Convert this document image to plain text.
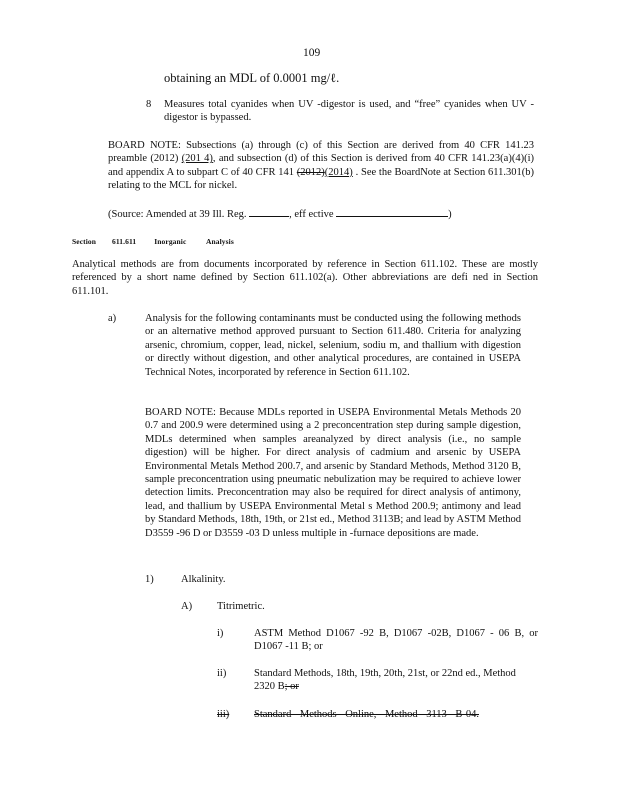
109
obtaining an MDL of 0.0001 mg/ℓ.
8 Measures total cyanides when UV -digestor is used, and “free” cyanides when UV -digestor is bypassed.
BOARD NOTE: Subsections (a) through (c) of this Section are derived from 40 CFR 141.23 preamble (2012) (201 4), and subsection (d) of this Section is derived from 40 CFR 141.23(a)(4)(i) and appendix A to subpart C of 40 CFR 141 (2012)(2014) . See the BoardNote at Section 611.301(b) relating to the MCL for nickel.
(Source: Amended at 39 Ill. Reg.	, eff ective	)
Section 611.611 Inorganic Analysis
Analytical methods are from documents incorporated by reference in Section 611.102. These are mostly referenced by a short name defined by Section 611.102(a). Other abbreviations are defi ned in Section 611.101.
a)	Analysis for the following contaminants must be conducted using the following methods or an alternative method approved pursuant to Section 611.480. Criteria for analyzing arsenic, chromium, copper, lead, nickel, selenium, sodiu m, and thallium with digestion or directly without digestion, and other analytical procedures, are contained in USEPA Technical Notes, incorporated by reference in Section 611.102.
BOARD NOTE: Because MDLs reported in USEPA Environmental Metals Methods 20 0.7 and 200.9 were determined using a 2 preconcentration step during sample digestion, MDLs determined when samples areanalyzed by direct analysis (i.e., no sample digestion) will be higher. For direct analysis of cadmium and arsenic by USEPA Environmental Metals Method 200.7, and arsenic by Standard Methods, Method 3120 B, sample preconcentration using pneumatic nebulization may be required to achieve lower detection limits. Preconcentration may also be required for direct analysis of antimony, lead, and thallium by USEPA Environmental Metal s Method 200.9; antimony and lead by Standard Methods, 18th, 19th, or 21st ed., Method 3113B; and lead by ASTM Method D3559 -96 D or D3559 -03 D unless multiple in -furnace depositions are made.
1)	Alkalinity.
A) Titrimetric.
i)	ASTM Method D1067 -92 B, D1067 -02B, D1067 - 06 B, or D1067 -11 B; or
ii)	Standard Methods, 18th, 19th, 20th, 21st, or 22nd ed., Method 2320 B; or
iii) Standard Methods Online, Method 3113 B-04.
